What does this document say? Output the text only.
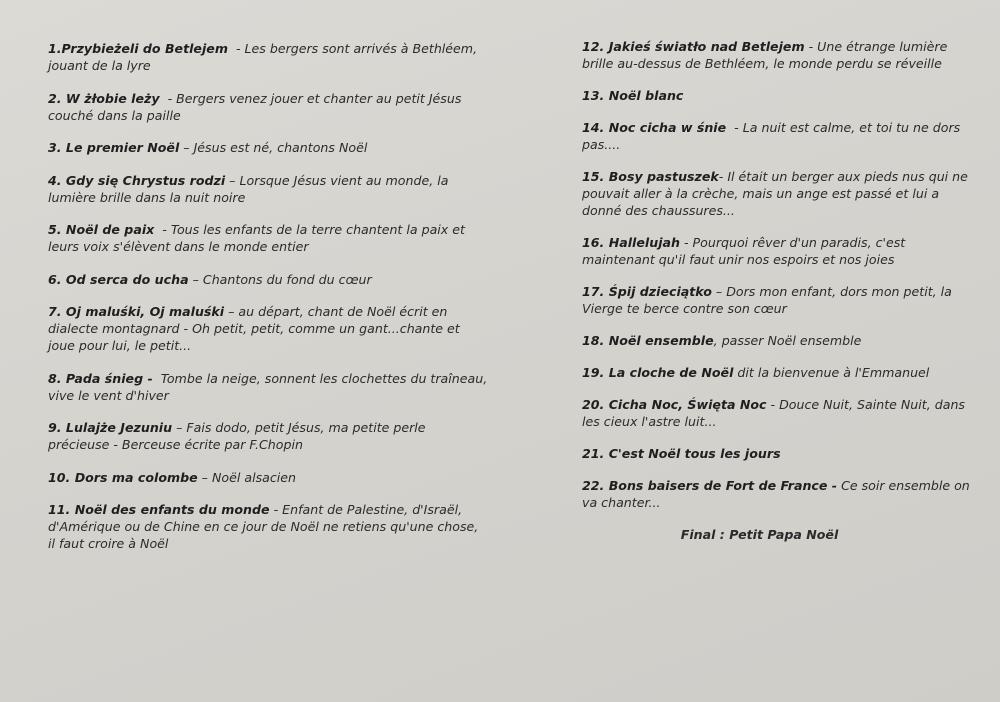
1.Przybieżeli do Betlejem  - Les bergers sont arrivés à Bethléem, jouant de la lyre

2. W żłobie leży  - Bergers venez jouer et chanter au petit Jésus couché dans la paille

3. Le premier Noël – Jésus est né, chantons Noël

4. Gdy się Chrystus rodzi – Lorsque Jésus vient au monde, la lumière brille dans la nuit noire

5. Noël de paix  - Tous les enfants de la terre chantent la paix et leurs voix s'élèvent dans le monde entier

6. Od serca do ucha – Chantons du fond du cœur

7. Oj maluśki, Oj maluśki – au départ, chant de Noël écrit en dialecte montagnard - Oh petit, petit, comme un gant...chante et joue pour lui, le petit...

8. Pada śnieg - Tombe la neige, sonnent les clochettes du traîneau, vive le vent d'hiver

9. Lulajże Jezuniu – Fais dodo, petit Jésus, ma petite perle précieuse - Berceuse écrite par F.Chopin

10. Dors ma colombe – Noël alsacien

11. Noël des enfants du monde - Enfant de Palestine, d'Israël, d'Amérique ou de Chine en ce jour de Noël ne retiens qu'une chose, il faut croire à Noël

12. Jakieś światło nad Betlejem - Une étrange lumière brille au-dessus de Bethléem, le monde perdu se réveille

13. Noël blanc

14. Noc cicha w śnie  - La nuit est calme, et toi tu ne dors pas....

15. Bosy pastuszek- Il était un berger aux pieds nus qui ne pouvait aller à la crèche, mais un ange est passé et lui a donné des chaussures...

16. Hallelujah - Pourquoi rêver d'un paradis, c'est maintenant qu'il faut unir nos espoirs et nos joies

17. Śpij dzieciątko – Dors mon enfant, dors mon petit, la Vierge te berce contre son cœur

18. Noël ensemble, passer Noël ensemble

19. La cloche de Noël dit la bienvenue à l'Emmanuel

20. Cicha Noc, Święta Noc - Douce Nuit, Sainte Nuit, dans les cieux l'astre luit...

21. C'est Noël tous les jours

22. Bons baisers de Fort de France - Ce soir ensemble on va chanter...

Final : Petit Papa Noël
